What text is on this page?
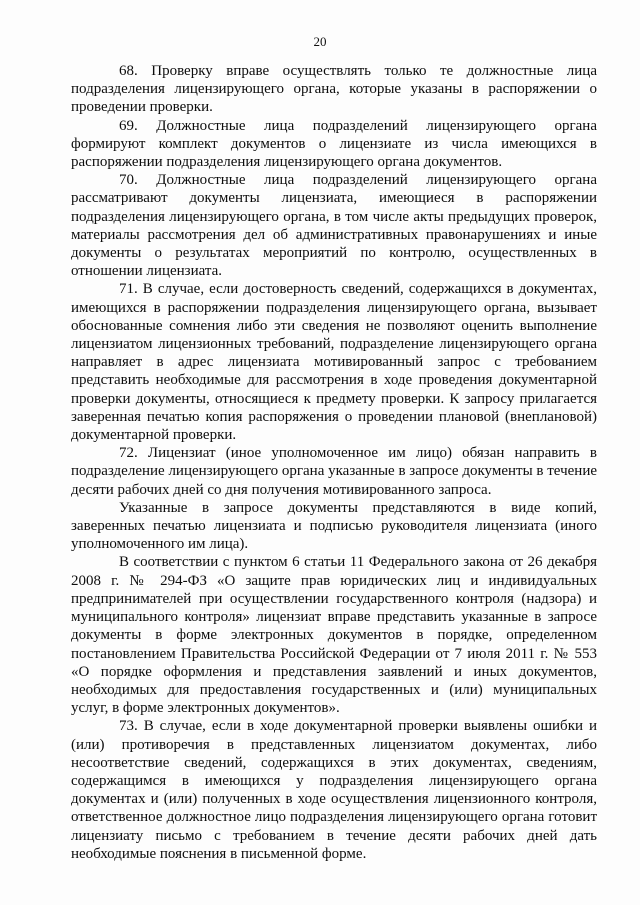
20

68. Проверку вправе осуществлять только те должностные лица подразделения лицензирующего органа, которые указаны в распоряжении о проведении проверки.

69. Должностные лица подразделений лицензирующего органа формируют комплект документов о лицензиате из числа имеющихся в распоряжении подразделения лицензирующего органа документов.

70. Должностные лица подразделений лицензирующего органа рассматривают документы лицензиата, имеющиеся в распоряжении подразделения лицензирующего органа, в том числе акты предыдущих проверок, материалы рассмотрения дел об административных правонарушениях и иные документы о результатах мероприятий по контролю, осуществленных в отношении лицензиата.

71. В случае, если достоверность сведений, содержащихся в документах, имеющихся в распоряжении подразделения лицензирующего органа, вызывает обоснованные сомнения либо эти сведения не позволяют оценить выполнение лицензиатом лицензионных требований, подразделение лицензирующего органа направляет в адрес лицензиата мотивированный запрос с требованием представить необходимые для рассмотрения в ходе проведения документарной проверки документы, относящиеся к предмету проверки. К запросу прилагается заверенная печатью копия распоряжения о проведении плановой (внеплановой) документарной проверки.

72. Лицензиат (иное уполномоченное им лицо) обязан направить в подразделение лицензирующего органа указанные в запросе документы в течение десяти рабочих дней со дня получения мотивированного запроса.

Указанные в запросе документы представляются в виде копий, заверенных печатью лицензиата и подписью руководителя лицензиата (иного уполномоченного им лица).

В соответствии с пунктом 6 статьи 11 Федерального закона от 26 декабря 2008 г. № 294-ФЗ «О защите прав юридических лиц и индивидуальных предпринимателей при осуществлении государственного контроля (надзора) и муниципального контроля» лицензиат вправе представить указанные в запросе документы в форме электронных документов в порядке, определенном постановлением Правительства Российской Федерации от 7 июля 2011 г. № 553 «О порядке оформления и представления заявлений и иных документов, необходимых для предоставления государственных и (или) муниципальных услуг, в форме электронных документов».

73. В случае, если в ходе документарной проверки выявлены ошибки и (или) противоречия в представленных лицензиатом документах, либо несоответствие сведений, содержащихся в этих документах, сведениям, содержащимся в имеющихся у подразделения лицензирующего органа документах и (или) полученных в ходе осуществления лицензионного контроля, ответственное должностное лицо подразделения лицензирующего органа готовит лицензиату письмо с требованием в течение десяти рабочих дней дать необходимые пояснения в письменной форме.
